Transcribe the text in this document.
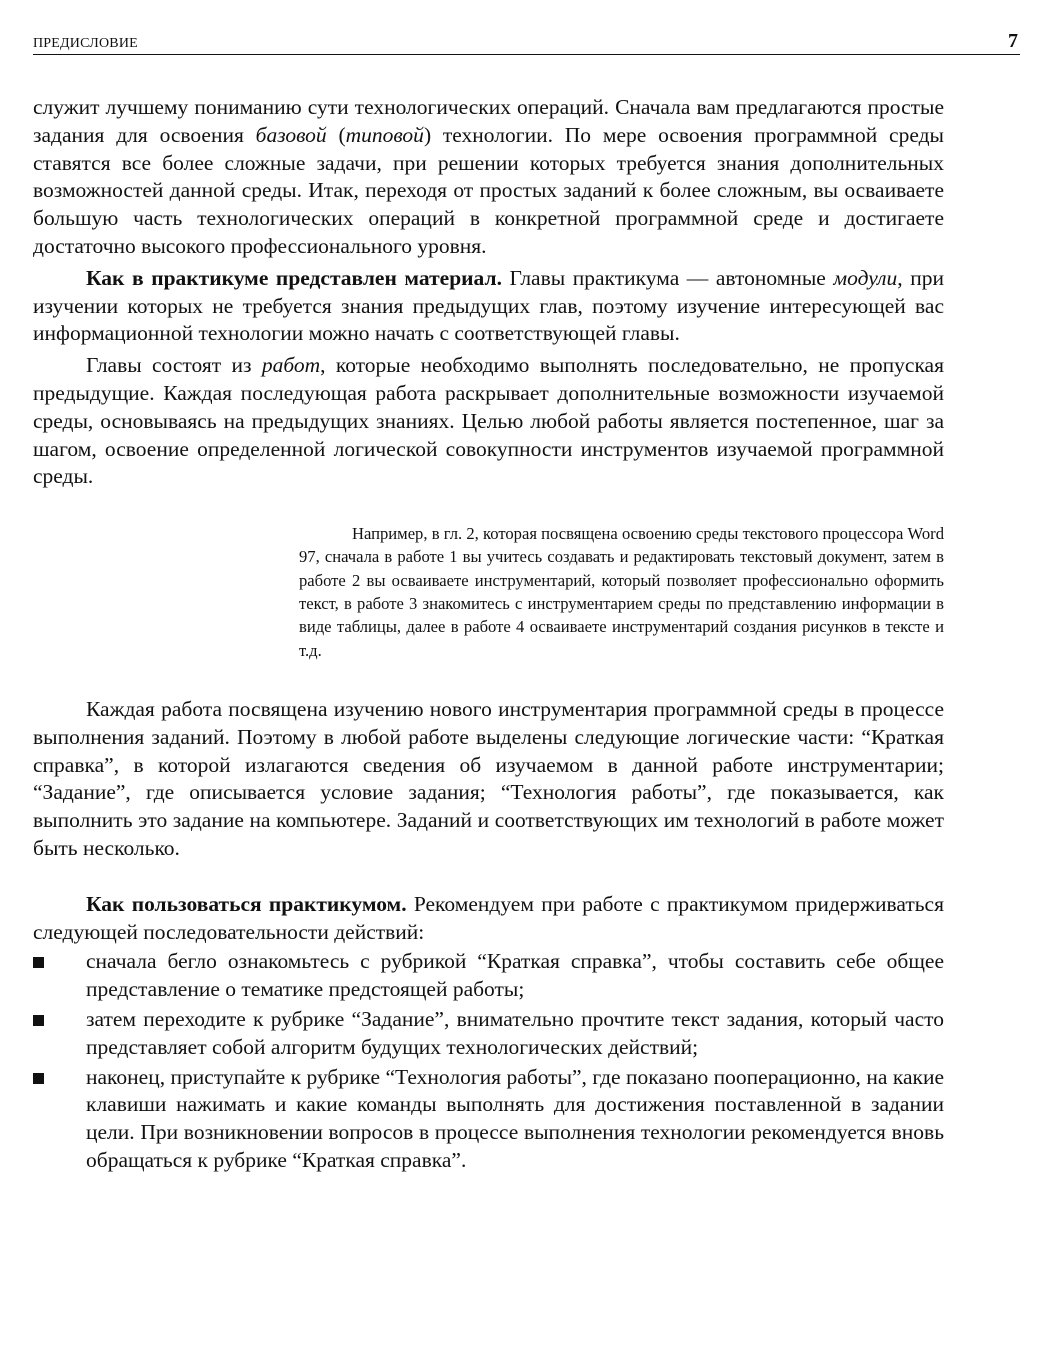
ПРЕДИСЛОВИЕ	7

служит лучшему пониманию сути технологических операций. Сначала вам предлагаются простые задания для освоения базовой (типовой) технологии. По мере освоения программной среды ставятся все более сложные задачи, при решении которых требуется знания дополнительных возможностей данной среды. Итак, переходя от простых заданий к более сложным, вы осваиваете большую часть технологических операций в конкретной программной среде и достигаете достаточно высокого профессионального уровня.

Как в практикуме представлен материал. Главы практикума — автономные модули, при изучении которых не требуется знания предыдущих глав, поэтому изучение интересующей вас информационной технологии можно начать с соответствующей главы.

Главы состоят из работ, которые необходимо выполнять последовательно, не пропуская предыдущие. Каждая последующая работа раскрывает дополнительные возможности изучаемой среды, основываясь на предыдущих знаниях. Целью любой работы является постепенное, шаг за шагом, освоение определенной логической совокупности инструментов изучаемой программной среды.

Например, в гл. 2, которая посвящена освоению среды текстового процессора Word 97, сначала в работе 1 вы учитесь создавать и редактировать текстовый документ, затем в работе 2 вы осваиваете инструментарий, который позволяет профессионально оформить текст, в работе 3 знакомитесь с инструментарием среды по представлению информации в виде таблицы, далее в работе 4 осваиваете инструментарий создания рисунков в тексте и т.д.

Каждая работа посвящена изучению нового инструментария программной среды в процессе выполнения заданий. Поэтому в любой работе выделены следующие логические части: “Краткая справка”, в которой излагаются сведения об изучаемом в данной работе инструментарии; “Задание”, где описывается условие задания; “Технология работы”, где показывается, как выполнить это задание на компьютере. Заданий и соответствующих им технологий в работе может быть несколько.

Как пользоваться практикумом. Рекомендуем при работе с практикумом придерживаться следующей последовательности действий:

сначала бегло ознакомьтесь с рубрикой “Краткая справка”, чтобы составить себе общее представление о тематике предстоящей работы;
затем переходите к рубрике “Задание”, внимательно прочтите текст задания, который часто представляет собой алгоритм будущих технологических действий;
наконец, приступайте к рубрике “Технология работы”, где показано пооперационно, на какие клавиши нажимать и какие команды выполнять для достижения поставленной в задании цели. При возникновении вопросов в процессе выполнения технологии рекомендуется вновь обращаться к рубрике “Краткая справка”.
